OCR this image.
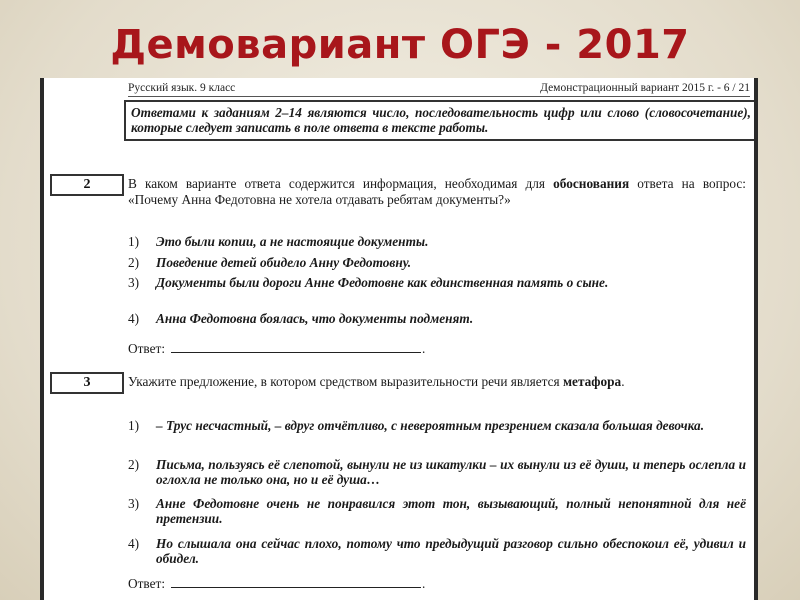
Демовариант ОГЭ - 2017
Русский язык. 9 класс	Демонстрационный вариант 2015 г. - 6 / 21
Ответами к заданиям 2–14 являются число, последовательность цифр или слово (словосочетание), которые следует записать в поле ответа в тексте работы.
2	В каком варианте ответа содержится информация, необходимая для обоснования ответа на вопрос: «Почему Анна Федотовна не хотела отдавать ребятам документы?»
1)	Это были копии, а не настоящие документы.
2)	Поведение детей обидело Анну Федотовну.
3)	Документы были дороги Анне Федотовне как единственная память о сыне.
4)	Анна Федотовна боялась, что документы подменят.
Ответ:	.
3	Укажите предложение, в котором средством выразительности речи является метафора.
1)	– Трус несчастный, – вдруг отчётливо, с невероятным презрением сказала большая девочка.
2)	Письма, пользуясь её слепотой, вынули не из шкатулки – их вынули из её души, и теперь ослепла и оглохла не только она, но и её душа…
3)	Анне Федотовне очень не понравился этот тон, вызывающий, полный непонятной для неё претензии.
4)	Но слышала она сейчас плохо, потому что предыдущий разговор сильно обеспокоил её, удивил и обидел.
Ответ:	.
